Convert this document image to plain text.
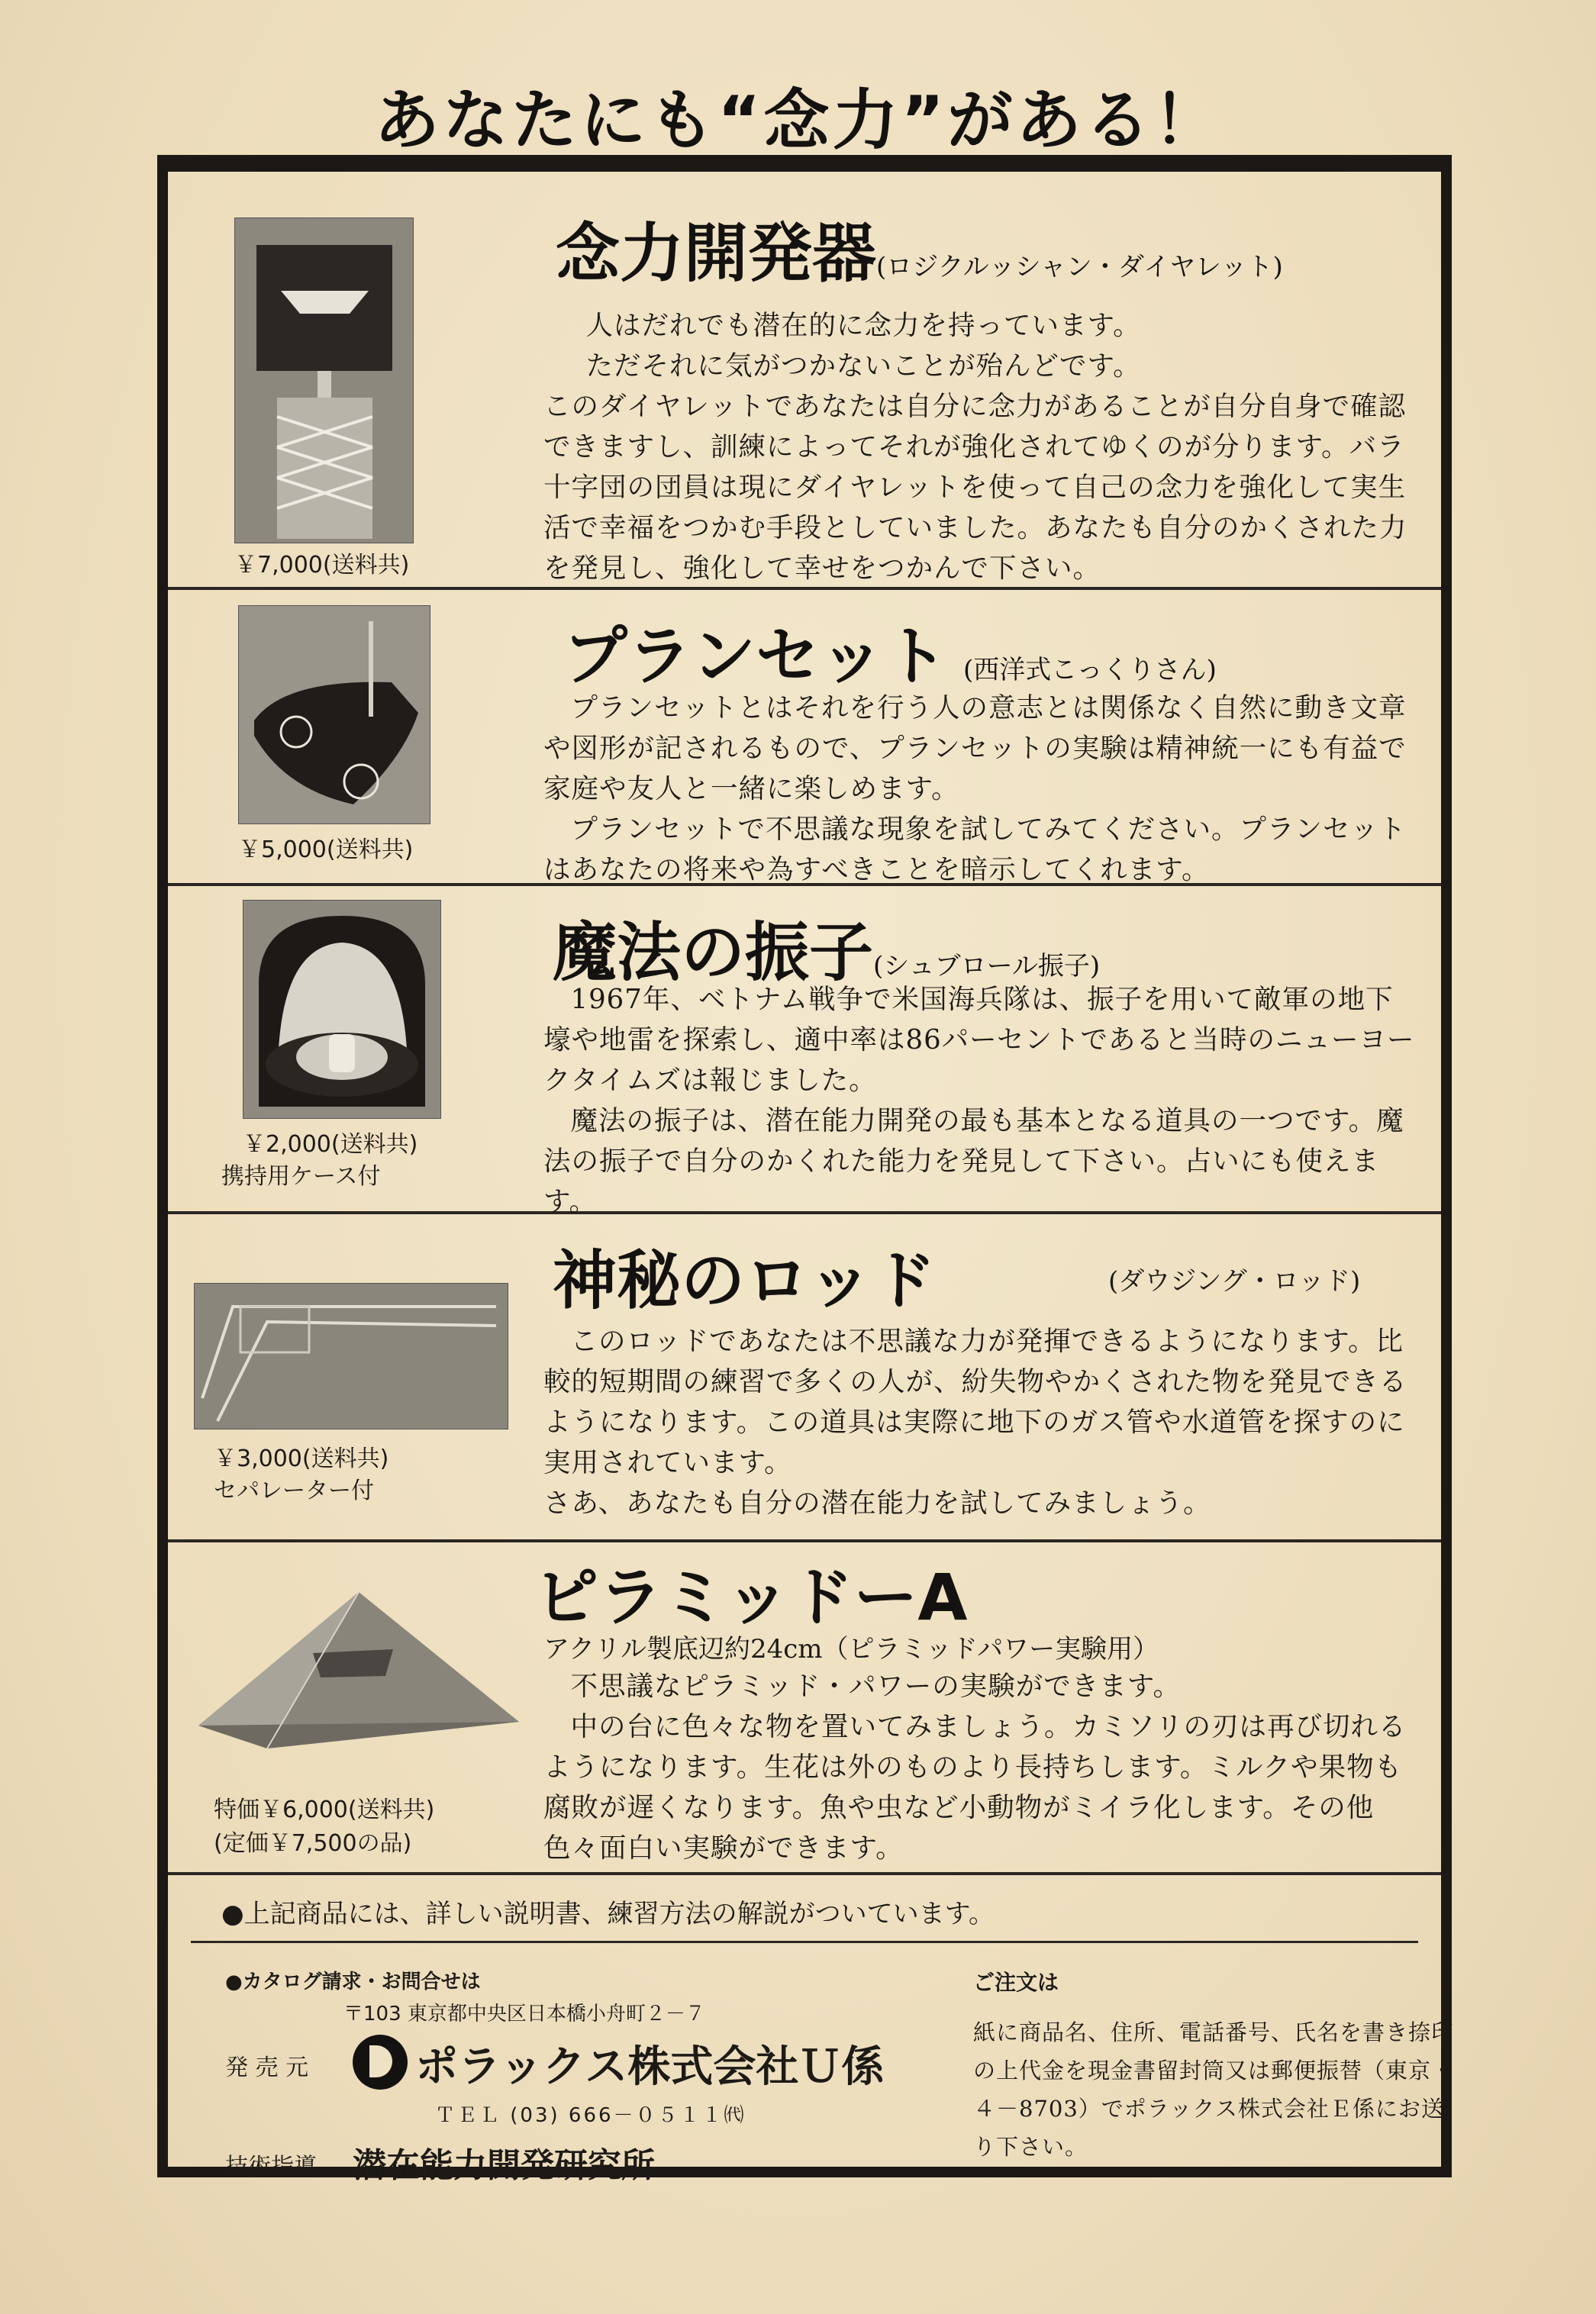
あなたにも“念力”がある！
￥7,000(送料共)
念力開発器(ロジクルッシャン・ダイヤレット)

人はだれでも潜在的に念力を持っています。

ただそれに気がつかないことが殆んどです。

このダイヤレットであなたは自分に念力があることが自分自身で確認できますし、訓練によってそれが強化されてゆくのが分ります。バラ十字団の団員は現にダイヤレットを使って自己の念力を強化して実生活で幸福をつかむ手段としていました。あなたも自分のかくされた力を発見し、強化して幸せをつかんで下さい。

￥5,000(送料共)
プランセット (西洋式こっくりさん)

プランセットとはそれを行う人の意志とは関係なく自然に動き文章や図形が記されるもので、プランセットの実験は精神統一にも有益で家庭や友人と一緒に楽しめます。

プランセットで不思議な現象を試してみてください。プランセットはあなたの将来や為すべきことを暗示してくれます。

￥2,000(送料共)
携持用ケース付
魔法の振子(シュブロール振子)

1967年、ベトナム戦争で米国海兵隊は、振子を用いて敵軍の地下壕や地雷を探索し、適中率は86パーセントであると当時のニューヨークタイムズは報じました。

魔法の振子は、潜在能力開発の最も基本となる道具の一つです。魔法の振子で自分のかくれた能力を発見して下さい。占いにも使えます。

￥3,000(送料共)
セパレーター付
神秘のロッド	(ダウジング・ロッド)

このロッドであなたは不思議な力が発揮できるようになります。比較的短期間の練習で多くの人が、紛失物やかくされた物を発見できるようになります。この道具は実際に地下のガス管や水道管を探すのに実用されています。

さあ、あなたも自分の潜在能力を試してみましょう。

特価￥6,000(送料共)
(定価￥7,500の品)
ピラミッドーA
アクリル製底辺約24cm（ピラミッドパワー実験用）

不思議なピラミッド・パワーの実験ができます。

中の台に色々な物を置いてみましょう。カミソリの刃は再び切れるようになります。生花は外のものより長持ちします。ミルクや果物も腐敗が遅くなります。魚や虫など小動物がミイラ化します。その他色々面白い実験ができます。

●上記商品には、詳しい説明書、練習方法の解説がついています。
●カタログ請求・お問合せは
〒103 東京都中央区日本橋小舟町２－７
発 売 元 ポラックス株式会社Ｕ係
ＴＥＬ (03) 666－０５１１㈹
技術指導 潜在能力開発研究所
ご注文は
紙に商品名、住所、電話番号、氏名を書き捺印の上代金を現金書留封筒又は郵便振替（東京・４－8703）でポラックス株式会社Ｅ係にお送り下さい。
